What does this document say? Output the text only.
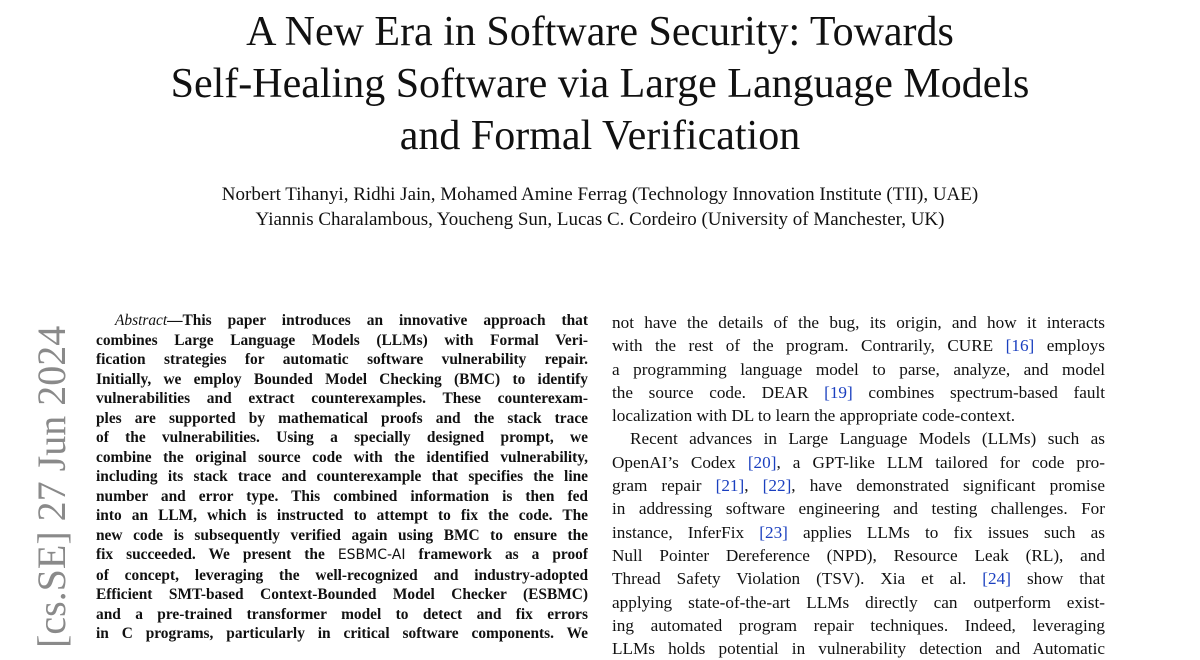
A New Era in Software Security: Towards
Self-Healing Software via Large Language Models
and Formal Verification
Norbert Tihanyi, Ridhi Jain, Mohamed Amine Ferrag (Technology Innovation Institute (TII), UAE)
Yiannis Charalambous, Youcheng Sun, Lucas C. Cordeiro (University of Manchester, UK)
[cs.SE] 27 Jun 2024
Abstract—This paper introduces an innovative approach that
combines Large Language Models (LLMs) with Formal Veri-
fication strategies for automatic software vulnerability repair.
Initially, we employ Bounded Model Checking (BMC) to identify
vulnerabilities and extract counterexamples. These counterexam-
ples are supported by mathematical proofs and the stack trace
of the vulnerabilities. Using a specially designed prompt, we
combine the original source code with the identified vulnerability,
including its stack trace and counterexample that specifies the line
number and error type. This combined information is then fed
into an LLM, which is instructed to attempt to fix the code. The
new code is subsequently verified again using BMC to ensure the
fix succeeded. We present the ESBMC-AI framework as a proof
of concept, leveraging the well-recognized and industry-adopted
Efficient SMT-based Context-Bounded Model Checker (ESBMC)
and a pre-trained transformer model to detect and fix errors
in C programs, particularly in critical software components. We
not have the details of the bug, its origin, and how it interacts
with the rest of the program. Contrarily, CURE [16] employs
a programming language model to parse, analyze, and model
the source code. DEAR [19] combines spectrum-based fault
localization with DL to learn the appropriate code-context.
Recent advances in Large Language Models (LLMs) such as
OpenAI’s Codex [20], a GPT-like LLM tailored for code pro-
gram repair [21], [22], have demonstrated significant promise
in addressing software engineering and testing challenges. For
instance, InferFix [23] applies LLMs to fix issues such as
Null Pointer Dereference (NPD), Resource Leak (RL), and
Thread Safety Violation (TSV). Xia et al. [24] show that
applying state-of-the-art LLMs directly can outperform exist-
ing automated program repair techniques. Indeed, leveraging
LLMs holds potential in vulnerability detection and Automatic
